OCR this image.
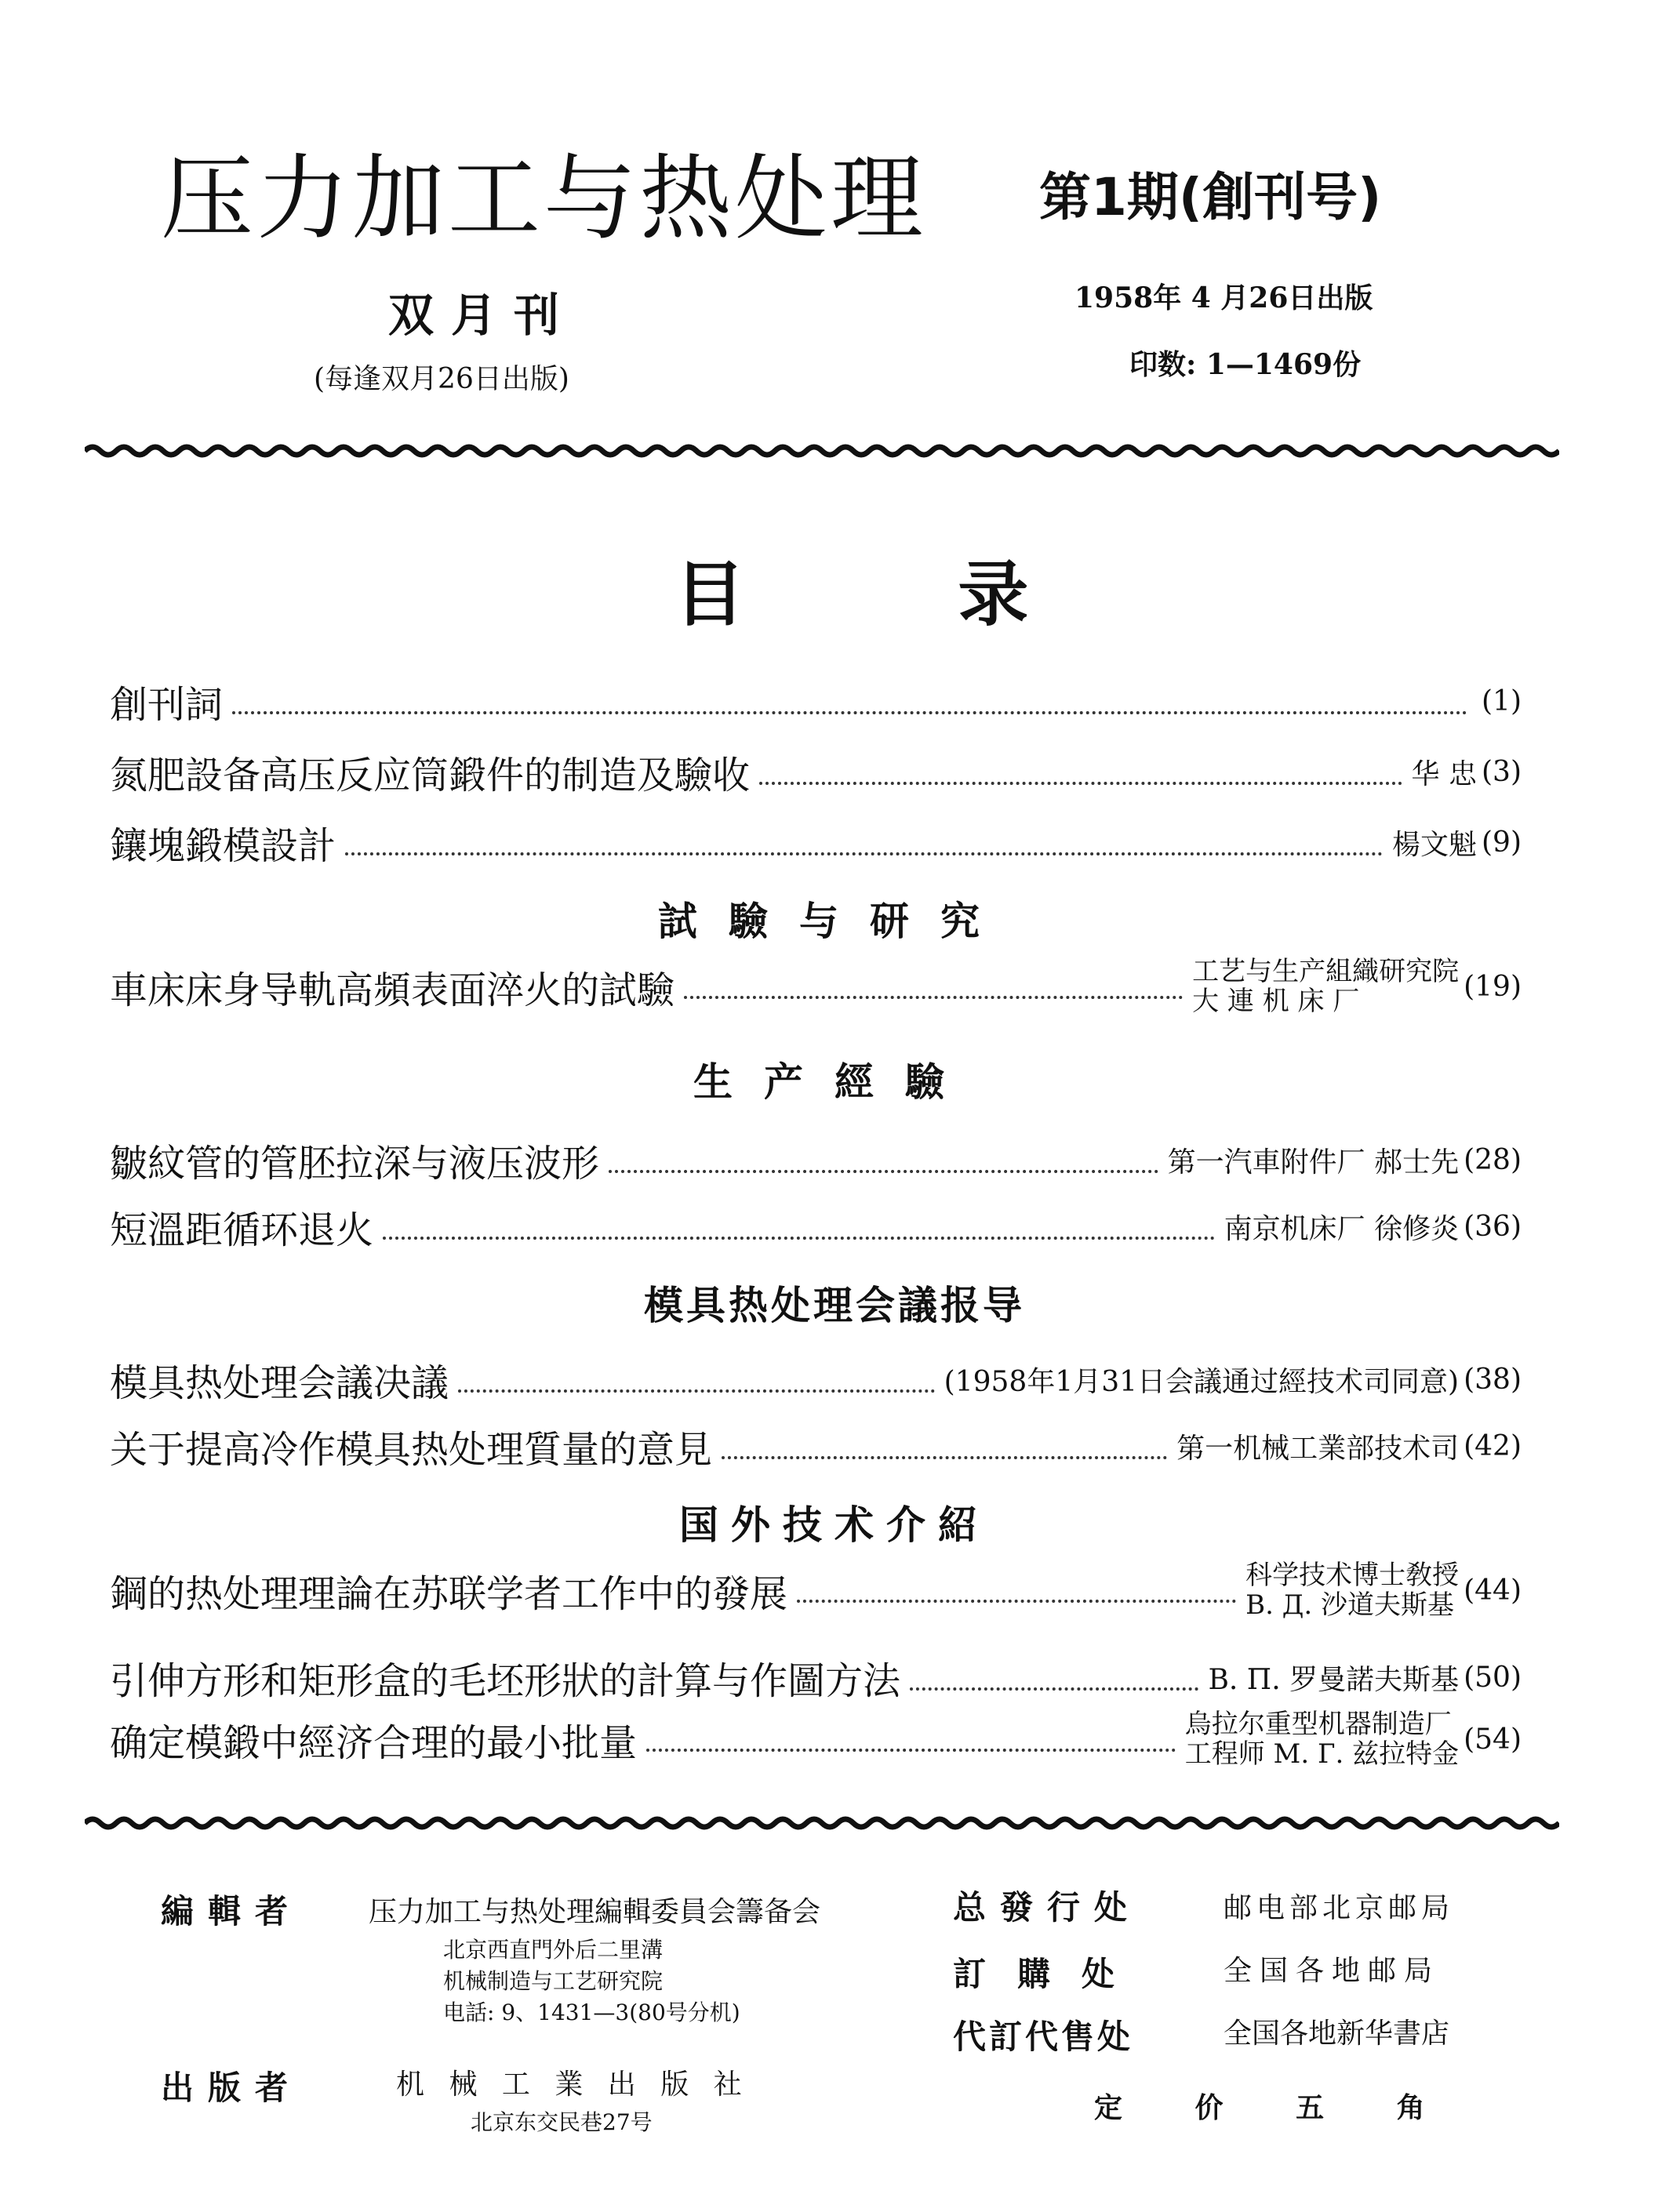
压力加工与热处理 第1期(創刊号)
双月刊
(每逢双月26日出版)
1958年 4 月26日出版
印数: 1—1469份
目 录
創刊詞	(1)
氮肥設备高压反应筒鍛件的制造及驗收	华 忠 (3)
鑲塊鍛模設計	楊文魁 (9)
試驗与研究
車床床身导軌高頻表面淬火的試驗	工艺与生产組織研究院
大 連 机 床 厂	(19)
生产經驗
皺紋管的管胚拉深与液压波形	第一汽車附件厂 郝士先 (28)
短溫距循环退火	南京机床厂 徐修炎 (36)
模具热处理会議报导
模具热处理会議决議	(1958年1月31日会議通过經技术司同意) (38)
关于提高冷作模具热处理質量的意見	第一机械工業部技术司 (42)
国外技术介紹
鋼的热处理理論在苏联学者工作中的發展	科学技术博士敎授
В. Д. 沙道夫斯基 (44)
引伸方形和矩形盒的毛坯形狀的計算与作圖方法	В. П. 罗曼諾夫斯基 (50)
确定模鍛中經济合理的最小批量	烏拉尔重型机器制造厂
工程师 М. Г. 兹拉特金 (54)
編輯者 压力加工与热处理編輯委員会籌备会
北京西直門外后二里溝
机械制造与工艺研究院
电話: 9、1431—3(80号分机)
出版者	机 械 工 業 出 版 社
北京东交民巷27号
总發行处	邮电部北京邮局
訂購处	全国各地邮局
代訂代售处	全国各地新华書店
定 价 五 角
